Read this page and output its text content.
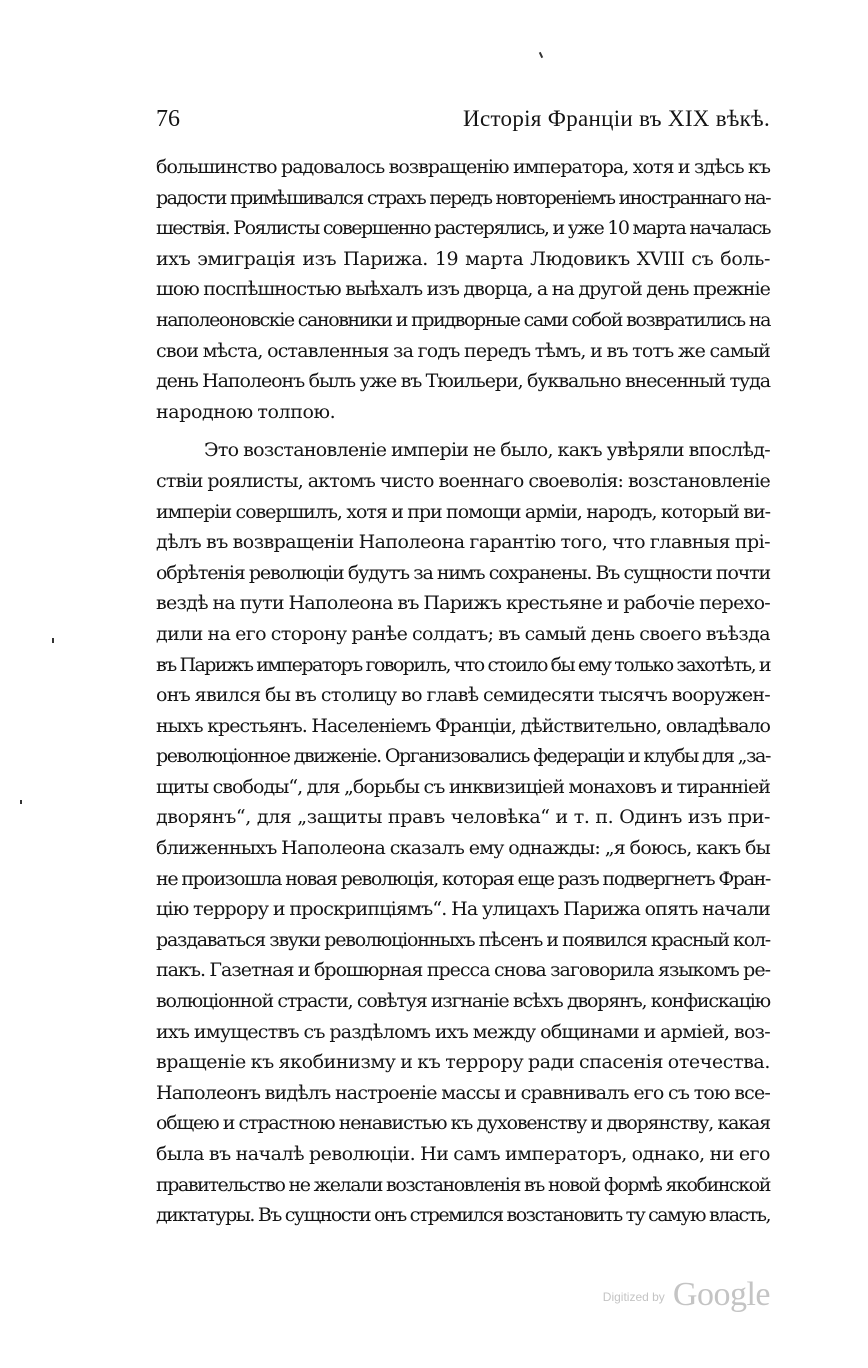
76	Исторія Франціи въ XIX вѣкѣ.
большинство радовалось возвращенію императора, хотя и здѣсь къ
радости примѣшивался страхъ передъ новтореніемъ иностраннаго на-
шествія. Роялисты совершенно растерялись, и уже 10 марта началась
ихъ эмиграція изъ Парижа. 19 марта Людовикъ XVIII съ боль-
шою поспѣшностью выѣхалъ изъ дворца, а на другой день прежніе
наполеоновскіе сановники и придворные сами собой возвратились на
свои мѣста, оставленныя за годъ передъ тѣмъ, и въ тотъ же самый
день Наполеонъ былъ уже въ Тюильери, буквально внесенный туда
народною толпою.
Это возстановленіе имперіи не было, какъ увѣряли впослѣд-
ствіи роялисты, актомъ чисто военнаго своеволія: возстановленіе
имперіи совершилъ, хотя и при помощи арміи, народъ, который ви-
дѣлъ въ возвращеніи Наполеона гарантію того, что главныя прі-
обрѣтенія революціи будутъ за нимъ сохранены. Въ сущности почти
вездѣ на пути Наполеона въ Парижъ крестьяне и рабочіе перехо-
дили на его сторону ранѣе солдатъ; въ самый день своего въѣзда
въ Парижъ императоръ говорилъ, что стоило бы ему только захотѣть, и
онъ явился бы въ столицу во главѣ семидесяти тысячъ вооружен-
ныхъ крестьянъ. Населеніемъ Франціи, дѣйствительно, овладѣвало
революціонное движеніе. Организовались федераціи и клубы для „за-
щиты свободы“, для „борьбы съ инквизиціей монаховъ и тиранніей
дворянъ“, для „защиты правъ человѣка“ и т. п. Одинъ изъ при-
ближенныхъ Наполеона сказалъ ему однажды: „я боюсь, какъ бы
не произошла новая революція, которая еще разъ подвергнетъ Фран-
цію террору и проскрипціямъ“. На улицахъ Парижа опять начали
раздаваться звуки революціонныхъ пѣсенъ и появился красный кол-
пакъ. Газетная и брошюрная пресса снова заговорила языкомъ ре-
волюціонной страсти, совѣтуя изгнаніе всѣхъ дворянъ, конфискацію
ихъ имуществъ съ раздѣломъ ихъ между общинами и арміей, воз-
вращеніе къ якобинизму и къ террору ради спасенія отечества.
Наполеонъ видѣлъ настроеніе массы и сравнивалъ его съ тою все-
общею и страстною ненавистью къ духовенству и дворянству, какая
была въ началѣ революціи. Ни самъ императоръ, однако, ни его
правительство не желали возстановленія въ новой формѣ якобинской
диктатуры. Въ сущности онъ стремился возстановить ту самую власть,
$^{Digitized by}$ Google
